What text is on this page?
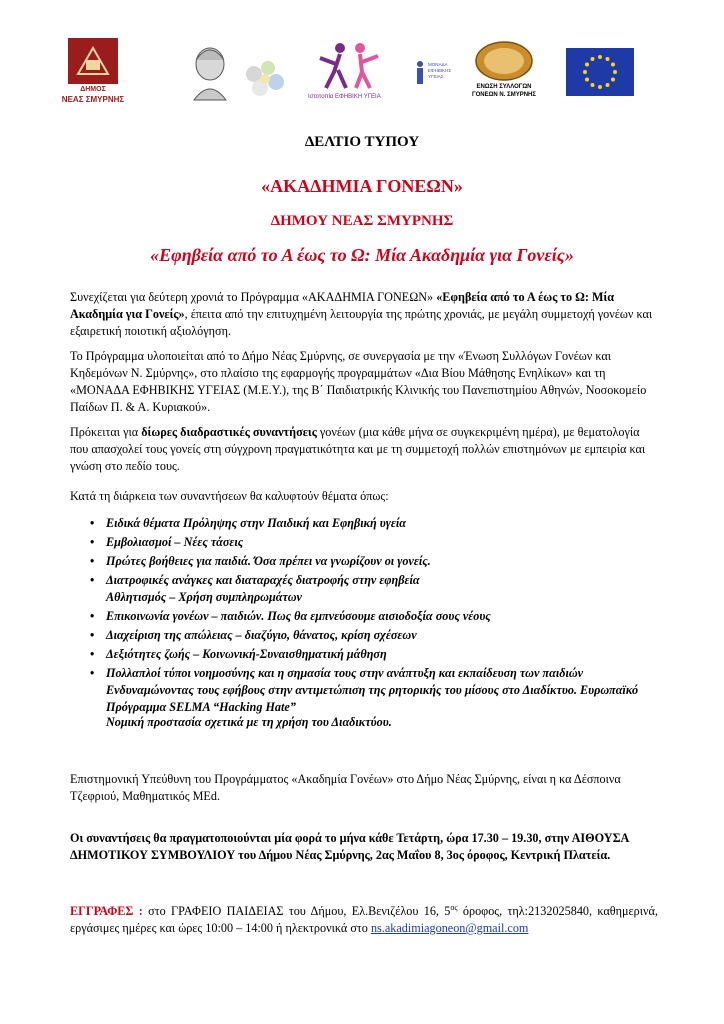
ΔΗΜΟΣ
ΝΕΑΣ ΣΜΥΡΝΗΣ	Ιστοτοπία ΕΦΗΒΙΚΗ ΥΓΕΙΑ
ΜΟΝΑΔΑ ΕΦΗΒΙΚΗΣ ΥΓΕΙΑΣ
ΕΝΩΣΗ ΣΥΛΛΟΓΩΝ
ΓΟΝΕΩΝ Ν. ΣΜΥΡΝΗΣ
ΔΕΛΤΙΟ ΤΥΠΟΥ
«ΑΚΑΔΗΜΙΑ ΓΟΝΕΩΝ»
ΔΗΜΟΥ ΝΕΑΣ ΣΜΥΡΝΗΣ
«Εφηβεία από το Α έως το Ω: Μία Ακαδημία για Γονείς»

Συνεχίζεται για δεύτερη χρονιά το Πρόγραμμα «ΑΚΑΔΗΜΙΑ ΓΟΝΕΩΝ» «Εφηβεία από το Α έως το Ω: Μία Ακαδημία για Γονείς», έπειτα από την επιτυχημένη λειτουργία της πρώτης χρονιάς, με μεγάλη συμμετοχή γονέων και εξαιρετική ποιοτική αξιολόγηση.

Το Πρόγραμμα υλοποιείται από το Δήμο Νέας Σμύρνης, σε συνεργασία με την «Ένωση Συλλόγων Γονέων και Κηδεμόνων Ν. Σμύρνης», στο πλαίσιο της εφαρμογής προγραμμάτων «Δια Βίου Μάθησης Ενηλίκων» και τη «ΜΟΝΑΔΑ ΕΦΗΒΙΚΗΣ ΥΓΕΙΑΣ (Μ.Ε.Υ.), της Β΄ Παιδιατρικής Κλινικής του Πανεπιστημίου Αθηνών, Νοσοκομείο Παίδων Π. & Α. Κυριακού».

Πρόκειται για δίωρες διαδραστικές συναντήσεις γονέων (μια κάθε μήνα σε συγκεκριμένη ημέρα), με θεματολογία που απασχολεί τους γονείς στη σύγχρονη πραγματικότητα και με τη συμμετοχή πολλών επιστημόνων με εμπειρία και γνώση στο πεδίο τους.

Κατά τη διάρκεια των συναντήσεων θα καλυφτούν θέματα όπως:

• Ειδικά θέματα Πρόληψης στην Παιδική και Εφηβική υγεία
• Εμβολιασμοί – Νέες τάσεις
• Πρώτες βοήθειες για παιδιά. Όσα πρέπει να γνωρίζουν οι γονείς.
• Διατροφικές ανάγκες και διαταραχές διατροφής στην εφηβεία
Αθλητισμός – Χρήση συμπληρωμάτων
• Επικοινωνία γονέων – παιδιών. Πως θα εμπνεύσουμε αισιοδοξία σους νέους
• Διαχείριση της απώλειας – διαζύγιο, θάνατος, κρίση σχέσεων
• Δεξιότητες ζωής – Κοινωνική-Συναισθηματική μάθηση
• Πολλαπλοί τύποι νοημοσύνης και η σημασία τους στην ανάπτυξη και εκπαίδευση των παιδιών Ενδυναμώνοντας τους εφήβους στην αντιμετώπιση της ρητορικής του μίσους στο Διαδίκτυο. Ευρωπαϊκό Πρόγραμμα SELMA “Hacking Hate”
Νομική προστασία σχετικά με τη χρήση του Διαδικτύου.

Επιστημονική Υπεύθυνη του Προγράμματος «Ακαδημία Γονέων» στο Δήμο Νέας Σμύρνης, είναι η κα Δέσποινα Τζεφριού, Μαθηματικός MEd.

Οι συναντήσεις θα πραγματοποιούνται μία φορά το μήνα κάθε Τετάρτη, ώρα 17.30 – 19.30, στην ΑΙΘΟΥΣΑ ΔΗΜΟΤΙΚΟΥ ΣΥΜΒΟΥΛΙΟΥ του Δήμου Νέας Σμύρνης, 2ας Μαΐου 8, 3ος όροφος, Κεντρική Πλατεία.

ΕΓΓΡΑΦΕΣ : στο ΓΡΑΦΕΙΟ ΠΑΙΔΕΙΑΣ του Δήμου, Ελ.Βενιζέλου 16, $5^{o\varsigma}$ όροφος, τηλ:2132025840, καθημερινά, εργάσιμες ημέρες και ώρες 10:00 – 14:00 ή ηλεκτρονικά στο ns.akadimiagoneon@gmail.com
